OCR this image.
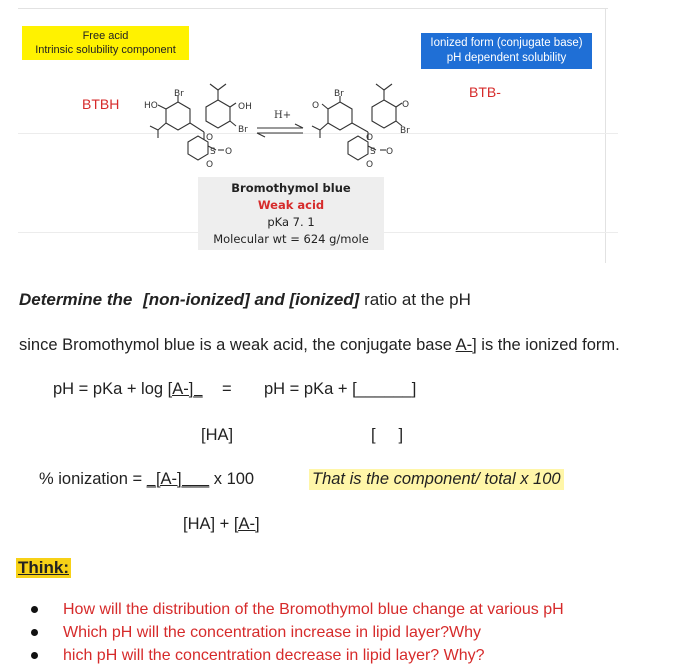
Free acid
Intrinsic solubility component
Ionized form (conjugate base)
pH dependent solubility
BTBH
BTB-
Br
HO	OH
Br
O
S O
O
H+
Br
O	O
Br
O
S O
O
Bromothymol blue
Weak acid
pKa 7. 1
Molecular wt = 624 g/mole
Determine the [non-ionized] and [ionized] ratio at the pH
since Bromothymol blue is a weak acid, the conjugate base A-] is the ionized form.
pH = pKa + log [A-]_ = pH = pKa + [______]
[HA]	[     ]
% ionization = _[A-]___ x 100	That is the component/ total x 100
[HA] + [A-]
Think:
How will the distribution of the Bromothymol blue change at various pH
Which pH will the concentration increase in lipid layer?Why
hich pH will the concentration decrease in lipid layer? Why?
